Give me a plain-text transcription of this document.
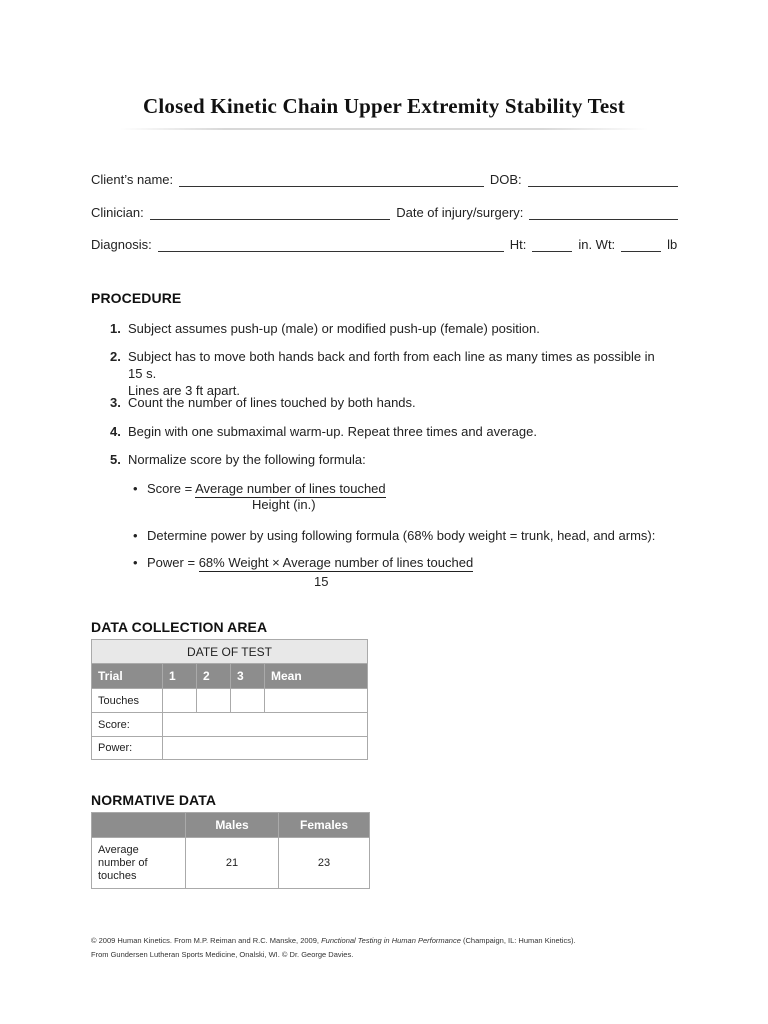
Closed Kinetic Chain Upper Extremity Stability Test
Client’s name:	DOB:
Clinician:	Date of injury/surgery:
Diagnosis:	Ht:	in. Wt:	lb
PROCEDURE
1. Subject assumes push-up (male) or modified push-up (female) position.
2. Subject has to move both hands back and forth from each line as many times as possible in 15 s.
Lines are 3 ft apart.
3. Count the number of lines touched by both hands.
4. Begin with one submaximal warm-up. Repeat three times and average.
5. Normalize score by the following formula:
• Score = Average number of lines touched
Height (in.)
• Determine power by using following formula (68% body weight = trunk, head, and arms):
• Power = 68% Weight × Average number of lines touched
15
DATA COLLECTION AREA
DATE OF TEST				
Trial	1	2	3	Mean
Touches				
Score:				
Power:				
NORMATIVE DATA
	Males	Females

Average
number of
touches	21	23
© 2009 Human Kinetics. From M.P. Reiman and R.C. Manske, 2009, Functional Testing in Human Performance (Champaign, IL: Human Kinetics).
From Gundersen Lutheran Sports Medicine, Onalski, WI. © Dr. George Davies.
